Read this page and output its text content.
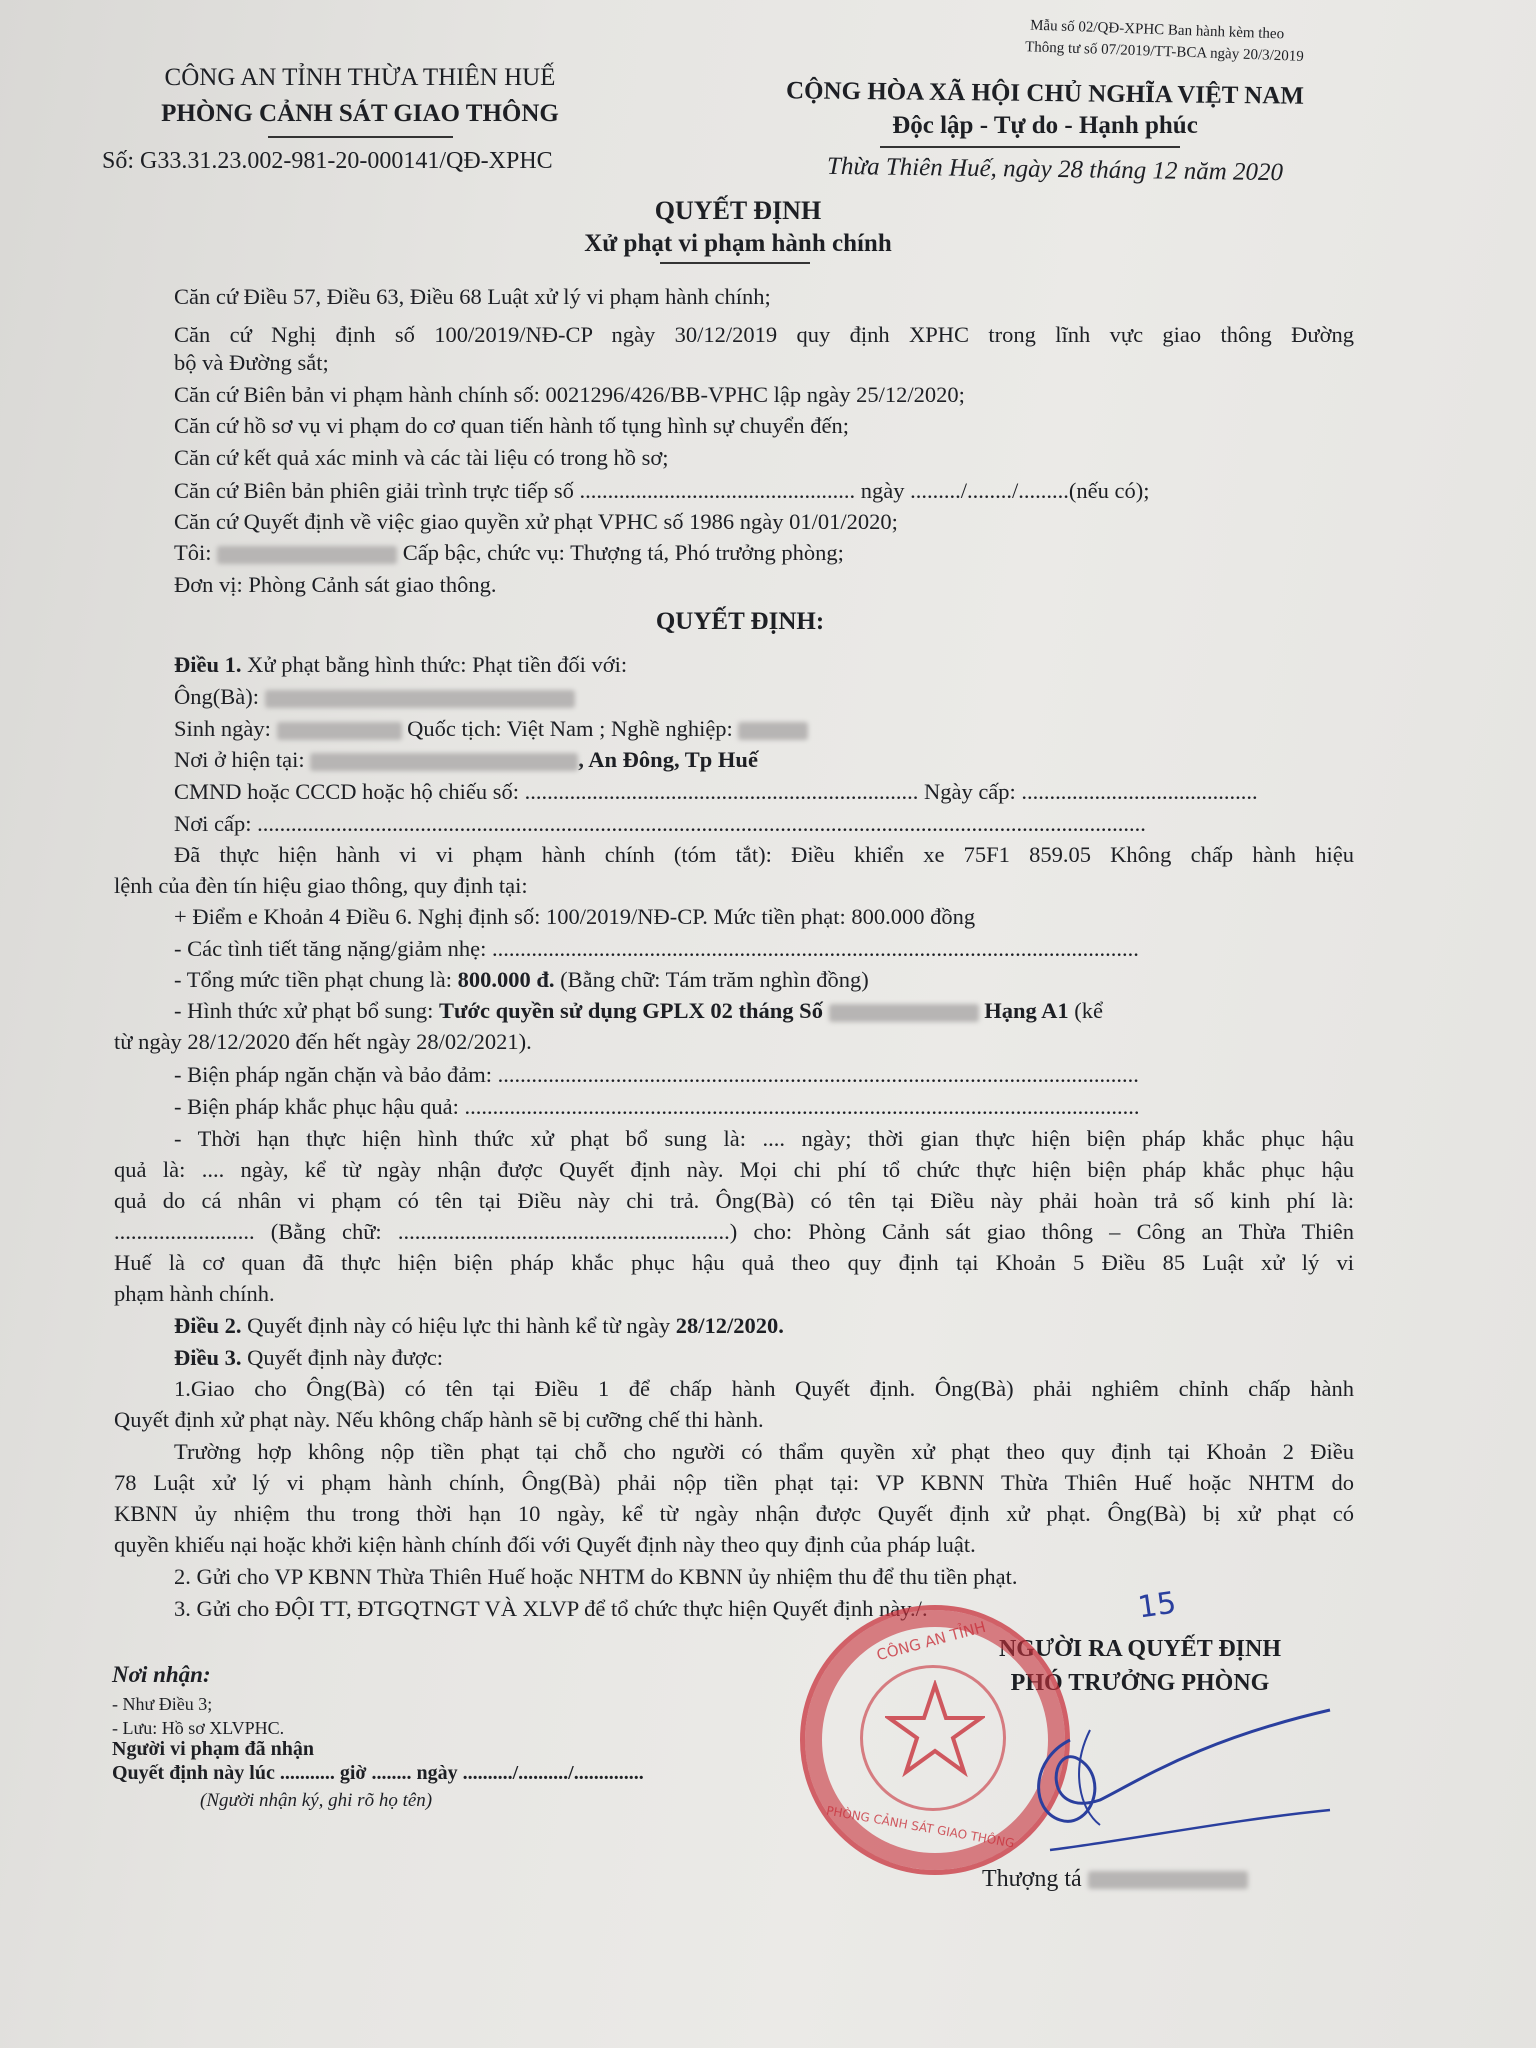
Mẫu số 02/QĐ-XPHC Ban hành kèm theo
Thông tư số 07/2019/TT-BCA ngày 20/3/2019
CÔNG AN TỈNH THỪA THIÊN HUẾ
PHÒNG CẢNH SÁT GIAO THÔNG
Số: G33.31.23.002-981-20-000141/QĐ-XPHC
CỘNG HÒA XÃ HỘI CHỦ NGHĨA VIỆT NAM
Độc lập - Tự do - Hạnh phúc
Thừa Thiên Huế, ngày 28 tháng 12 năm 2020
QUYẾT ĐỊNH
Xử phạt vi phạm hành chính
Căn cứ Điều 57, Điều 63, Điều 68 Luật xử lý vi phạm hành chính;
Căn cứ Nghị định số 100/2019/NĐ-CP ngày 30/12/2019 quy định XPHC trong lĩnh vực giao thông Đường
bộ và Đường sắt;
Căn cứ Biên bản vi phạm hành chính số: 0021296/426/BB-VPHC lập ngày 25/12/2020;
Căn cứ hồ sơ vụ vi phạm do cơ quan tiến hành tố tụng hình sự chuyển đến;
Căn cứ kết quả xác minh và các tài liệu có trong hồ sơ;
Căn cứ Biên bản phiên giải trình trực tiếp số ................................................. ngày ........./......../.........(nếu có);
Căn cứ Quyết định về việc giao quyền xử phạt VPHC số 1986 ngày 01/01/2020;
Tôi:	Cấp bậc, chức vụ: Thượng tá, Phó trưởng phòng;
Đơn vị: Phòng Cảnh sát giao thông.
QUYẾT ĐỊNH:
Điều 1. Xử phạt bằng hình thức: Phạt tiền đối với:
Ông(Bà):
Sinh ngày:	Quốc tịch: Việt Nam ; Nghề nghiệp:
Nơi ở hiện tại:	, An Đông, Tp Huế
CMND hoặc CCCD hoặc hộ chiếu số: ...................................................................... Ngày cấp: ..........................................
Nơi cấp: ..............................................................................................................................................................
Đã thực hiện hành vi vi phạm hành chính (tóm tắt): Điều khiển xe 75F1 859.05 Không chấp hành hiệu
lệnh của đèn tín hiệu giao thông, quy định tại:
+ Điểm e Khoản 4 Điều 6. Nghị định số: 100/2019/NĐ-CP. Mức tiền phạt: 800.000 đồng
- Các tình tiết tăng nặng/giảm nhẹ: ...................................................................................................................
- Tổng mức tiền phạt chung là: 800.000 đ. (Bằng chữ: Tám trăm nghìn đồng)
- Hình thức xử phạt bổ sung: Tước quyền sử dụng GPLX 02 tháng Số	Hạng A1 (kể
từ ngày 28/12/2020 đến hết ngày 28/02/2021).
- Biện pháp ngăn chặn và bảo đảm: ..................................................................................................................
- Biện pháp khắc phục hậu quả: ........................................................................................................................
- Thời hạn thực hiện hình thức xử phạt bổ sung là: .... ngày; thời gian thực hiện biện pháp khắc phục hậu
quả là: .... ngày, kể từ ngày nhận được Quyết định này. Mọi chi phí tổ chức thực hiện biện pháp khắc phục hậu
quả do cá nhân vi phạm có tên tại Điều này chi trả. Ông(Bà) có tên tại Điều này phải hoàn trả số kinh phí là:
......................... (Bằng chữ: ...........................................................) cho: Phòng Cảnh sát giao thông – Công an Thừa Thiên
Huế là cơ quan đã thực hiện biện pháp khắc phục hậu quả theo quy định tại Khoản 5 Điều 85 Luật xử lý vi
phạm hành chính.
Điều 2. Quyết định này có hiệu lực thi hành kể từ ngày 28/12/2020.
Điều 3. Quyết định này được:
1.Giao cho Ông(Bà) có tên tại Điều 1 để chấp hành Quyết định. Ông(Bà) phải nghiêm chỉnh chấp hành
Quyết định xử phạt này. Nếu không chấp hành sẽ bị cưỡng chế thi hành.
Trường hợp không nộp tiền phạt tại chỗ cho người có thẩm quyền xử phạt theo quy định tại Khoản 2 Điều
78 Luật xử lý vi phạm hành chính, Ông(Bà) phải nộp tiền phạt tại: VP KBNN Thừa Thiên Huế hoặc NHTM do
KBNN ủy nhiệm thu trong thời hạn 10 ngày, kể từ ngày nhận được Quyết định xử phạt. Ông(Bà) bị xử phạt có
quyền khiếu nại hoặc khởi kiện hành chính đối với Quyết định này theo quy định của pháp luật.
2. Gửi cho VP KBNN Thừa Thiên Huế hoặc NHTM do KBNN ủy nhiệm thu để thu tiền phạt.
3. Gửi cho ĐỘI TT, ĐTGQTNGT VÀ XLVP để tổ chức thực hiện Quyết định này./.	15
Nơi nhận:
- Như Điều 3;
- Lưu: Hồ sơ XLVPHC.
Người vi phạm đã nhận
Quyết định này lúc ........... giờ ........ ngày ........../........../..............
(Người nhận ký, ghi rõ họ tên)
NGƯỜI RA QUYẾT ĐỊNH
PHÓ TRƯỞNG PHÒNG
CÔNG AN TỈNH
PHÒNG CẢNH SÁT GIAO THÔNG
Thượng tá
